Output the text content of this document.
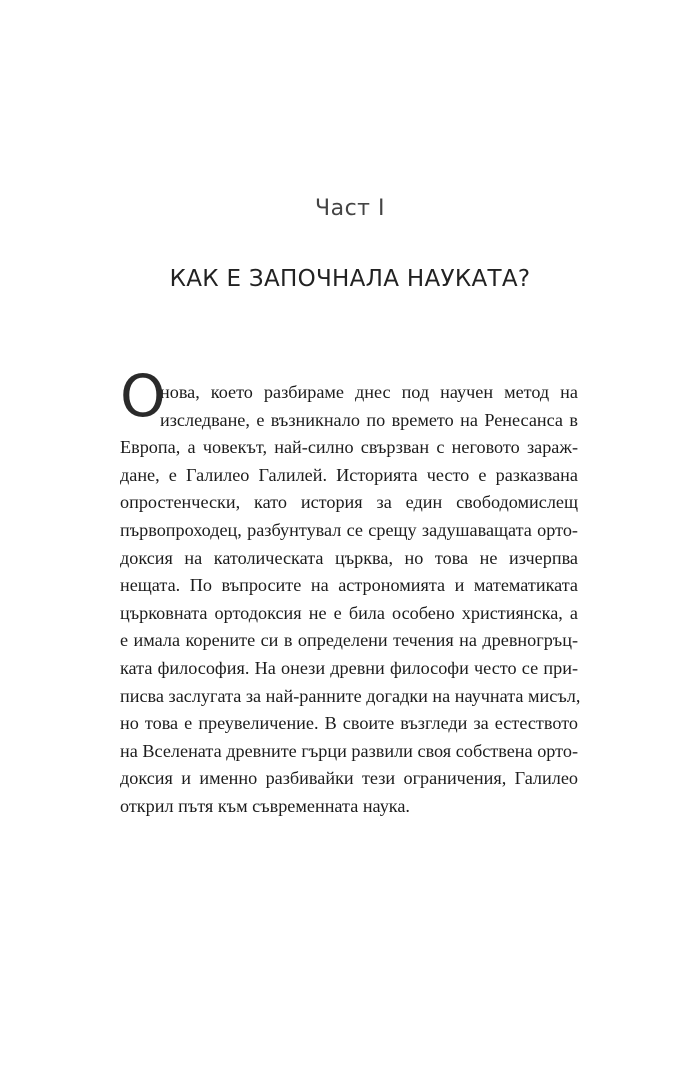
Част I
КАК Е ЗАПОЧНАЛА НАУКАТА?
О
нова, което разбираме днес под научен метод на
изследване, е възникнало по времето на Ренесанса в
Европа, а човекът, най-силно свързван с неговото зарaж-
дане, е Галилео Галилей. Историята често е разказвана
опростенчески, като история за един свободомислещ
първопроходец, разбунтувал се срещу задушаващата орто-
доксия на католическата църква, но това не изчерпва
нещата. По въпросите на астрономията и математиката
църковната ортодоксия не е била особено християнска, а
е имала корените си в определени течения на древногръц-
ката философия. На онези древни философи често се при-
писва заслугата за най-ранните догадки на научната мисъл,
но това е преувеличение. В своите възгледи за естеството
на Вселената древните гърци развили своя собствена орто-
доксия и именно разбивайки тези ограничения, Галилео
открил пътя към съвременната наука.
